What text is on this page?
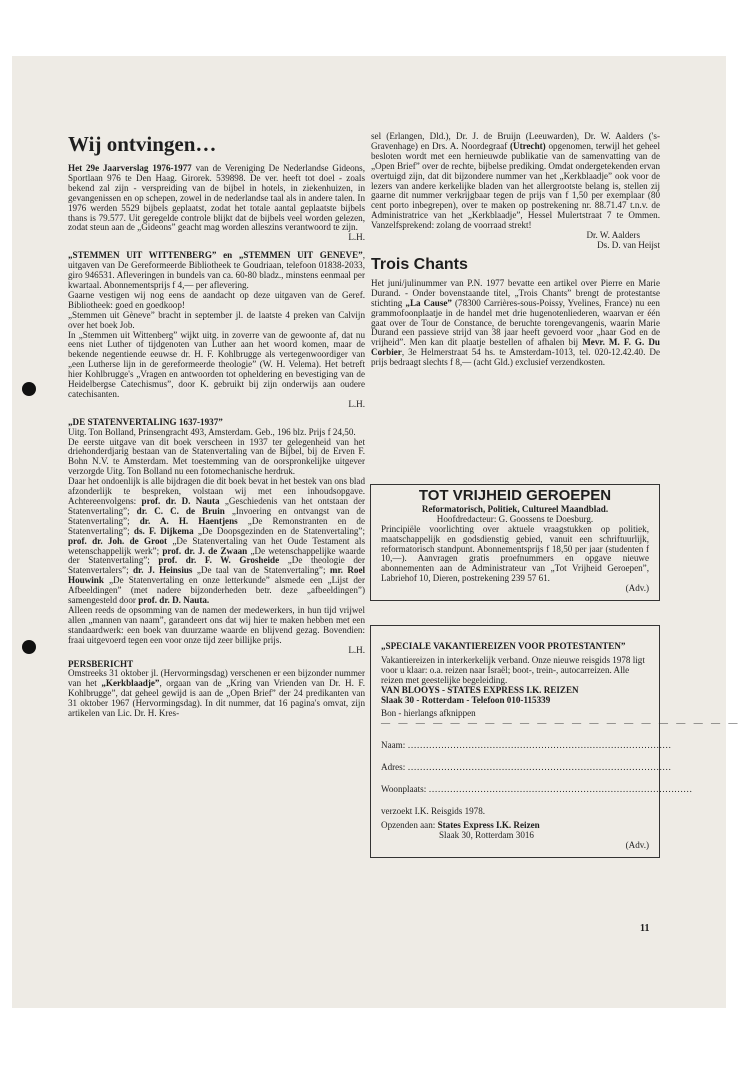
Wij ontvingen…

Het 29e Jaarverslag 1976-1977 van de Vereniging De Nederlandse Gideons, Sportlaan 976 te Den Haag. Girorek. 539898. De ver. heeft tot doel - zoals bekend zal zijn - verspreiding van de bijbel in hotels, in ziekenhuizen, in gevangenissen en op schepen, zowel in de nederlandse taal als in andere talen. In 1976 werden 5529 bijbels geplaatst, zodat het totale aantal geplaatste bijbels thans is 79.577. Uit geregelde controle blijkt dat de bijbels veel worden gelezen, zodat steun aan de „Gideons” geacht mag worden alleszins verantwoord te zijn.

L.H.

„STEMMEN UIT WITTENBERG” en „STEMMEN UIT GENEVE”, uitgaven van De Gereformeerde Bibliotheek te Goudriaan, telefoon 01838-2033, giro 946531. Afleveringen in bundels van ca. 60-80 bladz., minstens eenmaal per kwartaal. Abonnementsprijs f 4,— per aflevering.

Gaarne vestigen wij nog eens de aandacht op deze uitgaven van de Geref. Bibliotheek: goed en goedkoop!

„Stemmen uit Gèneve” bracht in september jl. de laatste 4 preken van Calvijn over het boek Job.

In „Stemmen uit Wittenberg” wijkt uitg. in zoverre van de gewoonte af, dat nu eens niet Luther of tijdgenoten van Luther aan het woord komen, maar de bekende negentiende eeuwse dr. H. F. Kohlbrugge als vertegenwoordiger van „een Lutherse lijn in de gereformeerde theologie” (W. H. Velema). Het betreft hier Kohlbrugge's „Vragen en antwoorden tot opheldering en bevestiging van de Heidelbergse Catechismus”, door K. gebruikt bij zijn onderwijs aan oudere catechisanten.

L.H.

„DE STATENVERTALING 1637-1937”

Uitg. Ton Bolland, Prinsengracht 493, Amsterdam. Geb., 196 blz. Prijs f 24,50.

De eerste uitgave van dit boek verscheen in 1937 ter gelegenheid van het driehonderdjarig bestaan van de Statenvertaling van de Bijbel, bij de Erven F. Bohn N.V. te Amsterdam. Met toestemming van de oorspronkelijke uitgever verzorgde Uitg. Ton Bolland nu een fotomechanische herdruk.

Daar het ondoenlijk is alle bijdragen die dit boek bevat in het bestek van ons blad afzonderlijk te bespreken, volstaan wij met een inhoudsopgave. Achtereenvolgens: prof. dr. D. Nauta „Geschiedenis van het ontstaan der Statenvertaling”; dr. C. C. de Bruin „Invoering en ontvangst van de Statenvertaling”; dr. A. H. Haentjens „De Remonstranten en de Statenvertaling”; ds. F. Dijkema „De Doopsgezinden en de Statenvertaling”; prof. dr. Joh. de Groot „De Statenvertaling van het Oude Testament als wetenschappelijk werk”; prof. dr. J. de Zwaan „De wetenschappelijke waarde der Statenvertaling”; prof. dr. F. W. Grosheide „De theologie der Statenvertalers”; dr. J. Heinsius „De taal van de Statenvertaling”; mr. Roel Houwink „De Statenvertaling en onze letterkunde” alsmede een „Lijst der Afbeeldingen” (met nadere bijzonderheden betr. deze „afbeeldingen”) samengesteld door prof. dr. D. Nauta.

Alleen reeds de opsomming van de namen der medewerkers, in hun tijd vrijwel allen „mannen van naam”, garandeert ons dat wij hier te maken hebben met een standaardwerk: een boek van duurzame waarde en blijvend gezag. Bovendien: fraai uitgevoerd tegen een voor onze tijd zeer billijke prijs.

L.H.

PERSBERICHT

Omstreeks 31 oktober jl. (Hervormingsdag) verschenen er een bijzonder nummer van het „Kerkblaadje”, orgaan van de „Kring van Vrienden van Dr. H. F. Kohlbrugge”, dat geheel gewijd is aan de „Open Brief” der 24 predikanten van 31 oktober 1967 (Hervormingsdag). In dit nummer, dat 16 pagina's omvat, zijn artikelen van Lic. Dr. H. Kres-

sel (Erlangen, Dld.), Dr. J. de Bruijn (Leeuwarden), Dr. W. Aalders ('s-Gravenhage) en Drs. A. Noordegraaf (Utrecht) opgenomen, terwijl het geheel besloten wordt met een hernieuwde publikatie van de samenvatting van de „Open Brief” over de rechte, bijbelse prediking. Omdat ondergetekenden ervan overtuigd zijn, dat dit bijzondere nummer van het „Kerkblaadje” ook voor de lezers van andere kerkelijke bladen van het allergrootste belang is, stellen zij gaarne dit nummer verkrijgbaar tegen de prijs van f 1,50 per exemplaar (80 cent porto inbegrepen), over te maken op postrekening nr. 88.71.47 t.n.v. de Administratrice van het „Kerkblaadje”, Hessel Mulertstraat 7 te Ommen. Vanzelfsprekend: zolang de voorraad strekt!

Dr. W. Aalders

Ds. D. van Heijst

Trois Chants

Het juni/julinummer van P.N. 1977 bevatte een artikel over Pierre en Marie Durand. - Onder bovenstaande titel, „Trois Chants” brengt de protestantse stichting „La Cause” (78300 Carrières-sous-Poissy, Yvelines, France) nu een grammofoonplaatje in de handel met drie hugenotenliederen, waarvan er één gaat over de Tour de Constance, de beruchte torengevangenis, waarin Marie Durand een passieve strijd van 38 jaar heeft gevoerd voor „haar God en de vrijheid”. Men kan dit plaatje bestellen of afhalen bij Mevr. M. F. G. Du Corbier, 3e Helmerstraat 54 hs. te Amsterdam-1013, tel. 020-12.42.40. De prijs bedraagt slechts f 8,— (acht Gld.) exclusief verzendkosten.

TOT VRIJHEID GEROEPEN

Reformatorisch, Politiek, Cultureel Maandblad.

Hoofdredacteur: G. Goossens te Doesburg.

Principiële voorlichting over aktuele vraagstukken op politiek, maatschappelijk en godsdienstig gebied, vanuit een schriftuurlijk, reformatorisch standpunt. Abonnementsprijs f 18,50 per jaar (studenten f 10,—). Aanvragen gratis proefnummers en opgave nieuwe abonnementen aan de Administrateur van „Tot Vrijheid Geroepen”, Labriehof 10, Dieren, postrekening 239 57 61.

(Adv.)

„SPECIALE VAKANTIEREIZEN VOOR PROTESTANTEN”

Vakantiereizen in interkerkelijk verband. Onze nieuwe reisgids 1978 ligt voor u klaar: o.a. reizen naar Israël; boot-, trein-, autocarreizen. Alle reizen met geestelijke begeleiding.

VAN BLOOYS - STATES EXPRESS I.K. REIZEN

Slaak 30 - Rotterdam - Telefoon 010-115339

Bon - hierlangs afknippen

— — — — — — — — — — — — — — — — — — — — —
Naam: ……………………………………………………………………………
Adres: ……………………………………………………………………………
Woonplaats: ……………………………………………………………………………

verzoekt I.K. Reisgids 1978.

Opzenden aan: States Express I.K. Reizen

Slaak 30, Rotterdam 3016

(Adv.)

11
